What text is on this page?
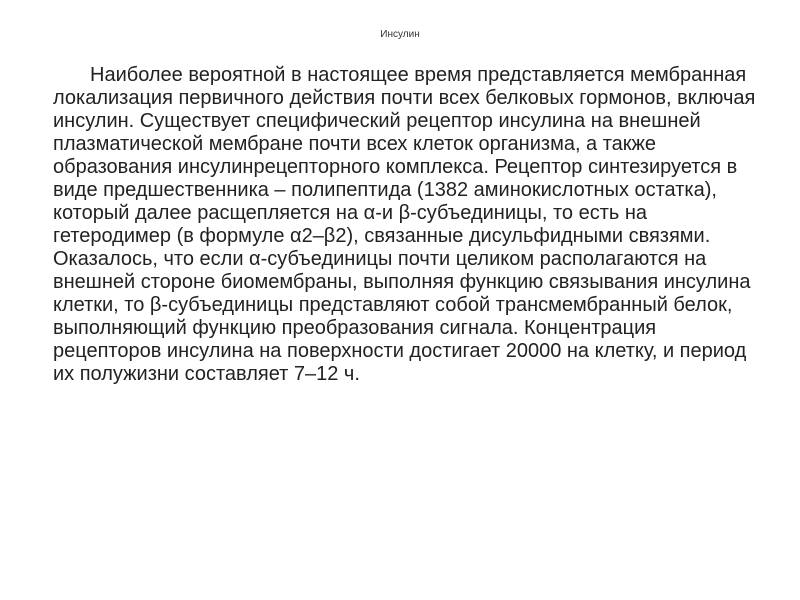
Инсулин

Наиболее вероятной в настоящее время представляется мембранная локализация первичного действия почти всех белковых гормонов, включая инсулин. Существует специфический рецептор инсулина на внешней плазматической мембране почти всех клеток организма, а также образования инсулинрецепторного комплекса. Рецептор синтезируется в виде предшественника – полипептида (1382 аминокислотных остатка), который далее расщепляется на α-и β-субъединицы, то есть на гетеродимер (в формуле α2–β2), связанные дисульфидными связями. Оказалось, что если α-субъединицы почти целиком располагаются на внешней стороне биомембраны, выполняя функцию связывания инсулина клетки, то β-субъединицы представляют собой трансмембранный белок, выполняющий функцию преобразования сигнала. Концентрация рецепторов инсулина на поверхности достигает 20000 на клетку, и период их полужизни составляет 7–12 ч.
